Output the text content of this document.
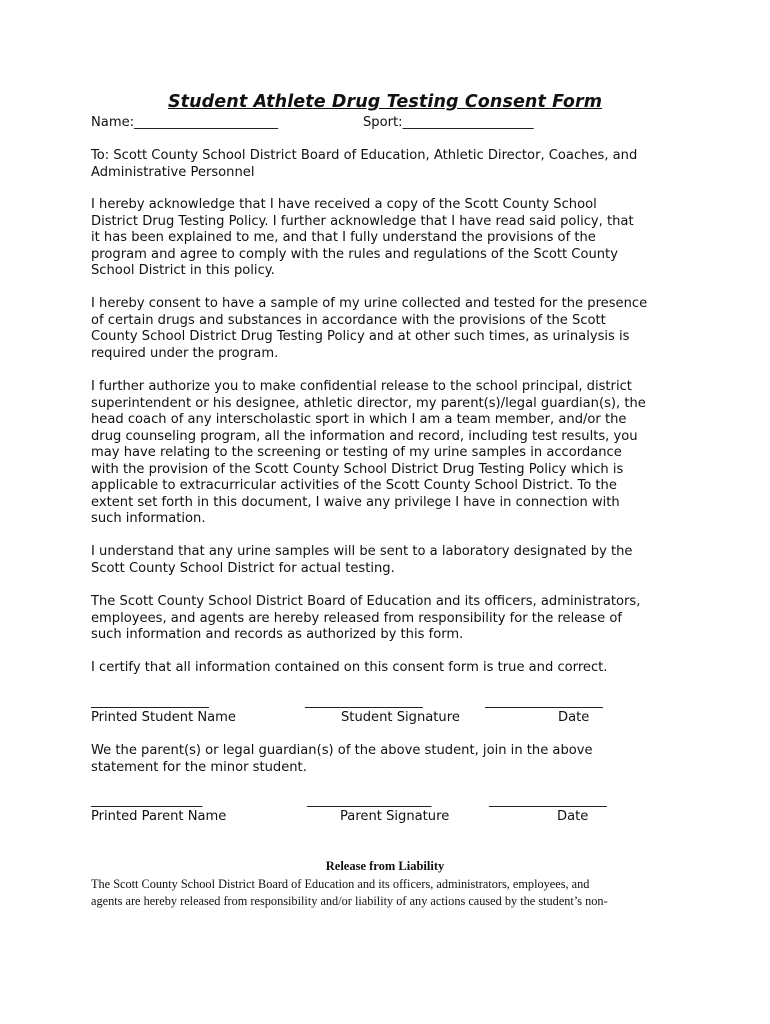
Student Athlete Drug Testing Consent Form
Name:______________________	Sport:____________________

To: Scott County School District Board of Education, Athletic Director, Coaches, and
Administrative Personnel

I hereby acknowledge that I have received a copy of the Scott County School
District Drug Testing Policy. I further acknowledge that I have read said policy, that
it has been explained to me, and that I fully understand the provisions of the
program and agree to comply with the rules and regulations of the Scott County
School District in this policy.

I hereby consent to have a sample of my urine collected and tested for the presence
of certain drugs and substances in accordance with the provisions of the Scott
County School District Drug Testing Policy and at other such times, as urinalysis is
required under the program.

I further authorize you to make confidential release to the school principal, district
superintendent or his designee, athletic director, my parent(s)/legal guardian(s), the
head coach of any interscholastic sport in which I am a team member, and/or the
drug counseling program, all the information and record, including test results, you
may have relating to the screening or testing of my urine samples in accordance
with the provision of the Scott County School District Drug Testing Policy which is
applicable to extracurricular activities of the Scott County School District. To the
extent set forth in this document, I waive any privilege I have in connection with
such information.

I understand that any urine samples will be sent to a laboratory designated by the
Scott County School District for actual testing.

The Scott County School District Board of Education and its officers, administrators,
employees, and agents are hereby released from responsibility for the release of
such information and records as authorized by this form.

I certify that all information contained on this consent form is true and correct.

__________________	__________________	__________________
Printed Student Name	Student Signature	Date

We the parent(s) or legal guardian(s) of the above student, join in the above
statement for the minor student.

_________________	___________________	__________________
Printed Parent Name	Parent Signature	Date
Release from Liability

The Scott County School District Board of Education and its officers, administrators, employees, and
agents are hereby released from responsibility and/or liability of any actions caused by the student’s non-
